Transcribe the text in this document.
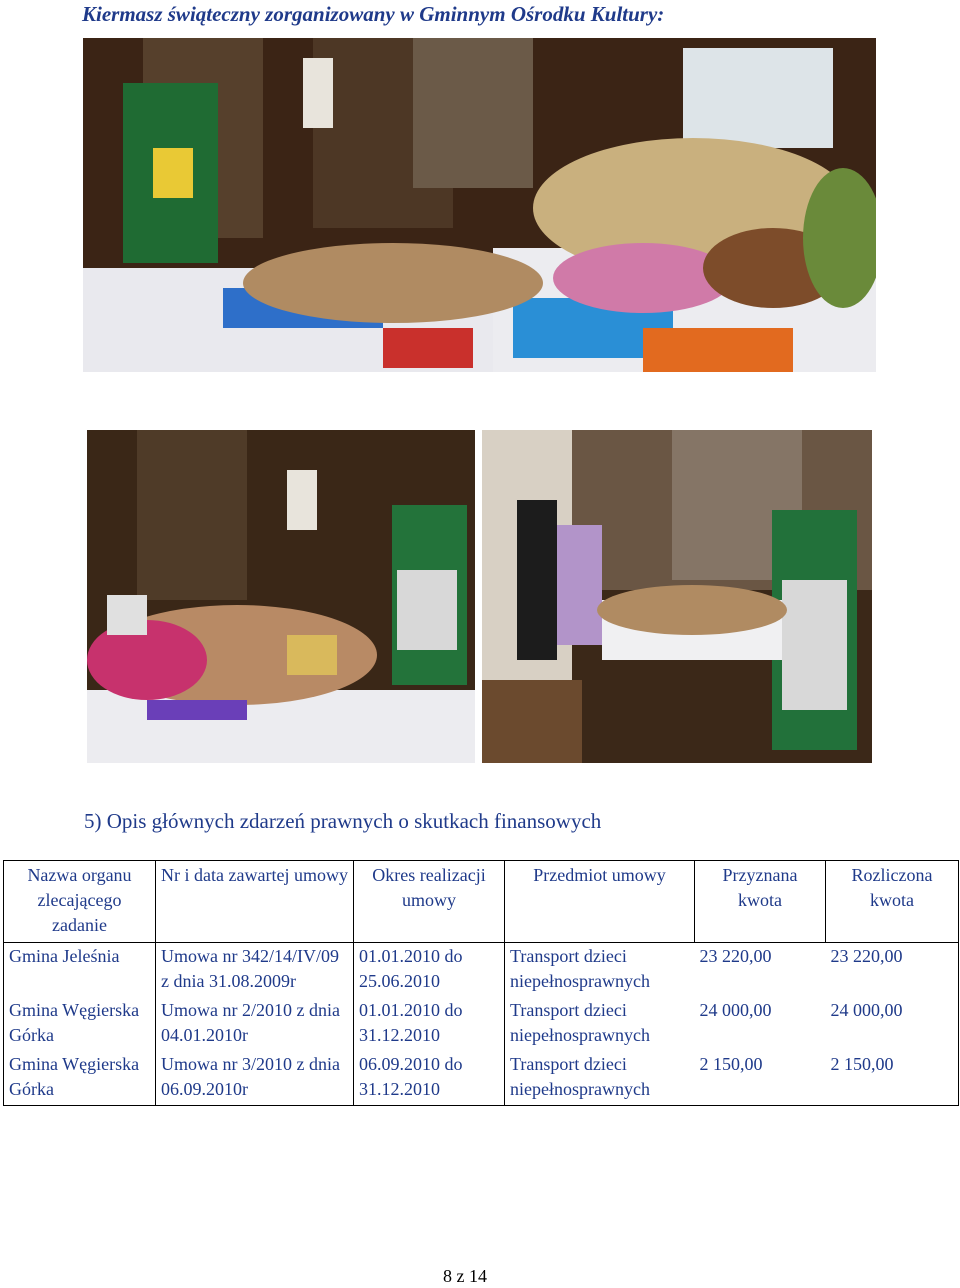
Kiermasz świąteczny zorganizowany w Gminnym Ośrodku Kultury:
5) Opis głównych zdarzeń prawnych o skutkach finansowych
Nazwa organu zlecającego zadanie	Nr i data zawartej umowy	Okres realizacji umowy	Przedmiot umowy	Przyznana kwota	Rozliczona kwota
Gmina Jeleśnia	Umowa nr 342/14/IV/09 z dnia 31.08.2009r	01.01.2010 do 25.06.2010	Transport dzieci niepełnosprawnych	23 220,00	23 220,00
Gmina Węgierska Górka	Umowa nr 2/2010 z dnia 04.01.2010r	01.01.2010 do 31.12.2010	Transport dzieci niepełnosprawnych	24 000,00	24 000,00
Gmina Węgierska Górka	Umowa nr 3/2010 z dnia 06.09.2010r	06.09.2010 do 31.12.2010	Transport dzieci niepełnosprawnych	2 150,00	2 150,00
8 z 14
